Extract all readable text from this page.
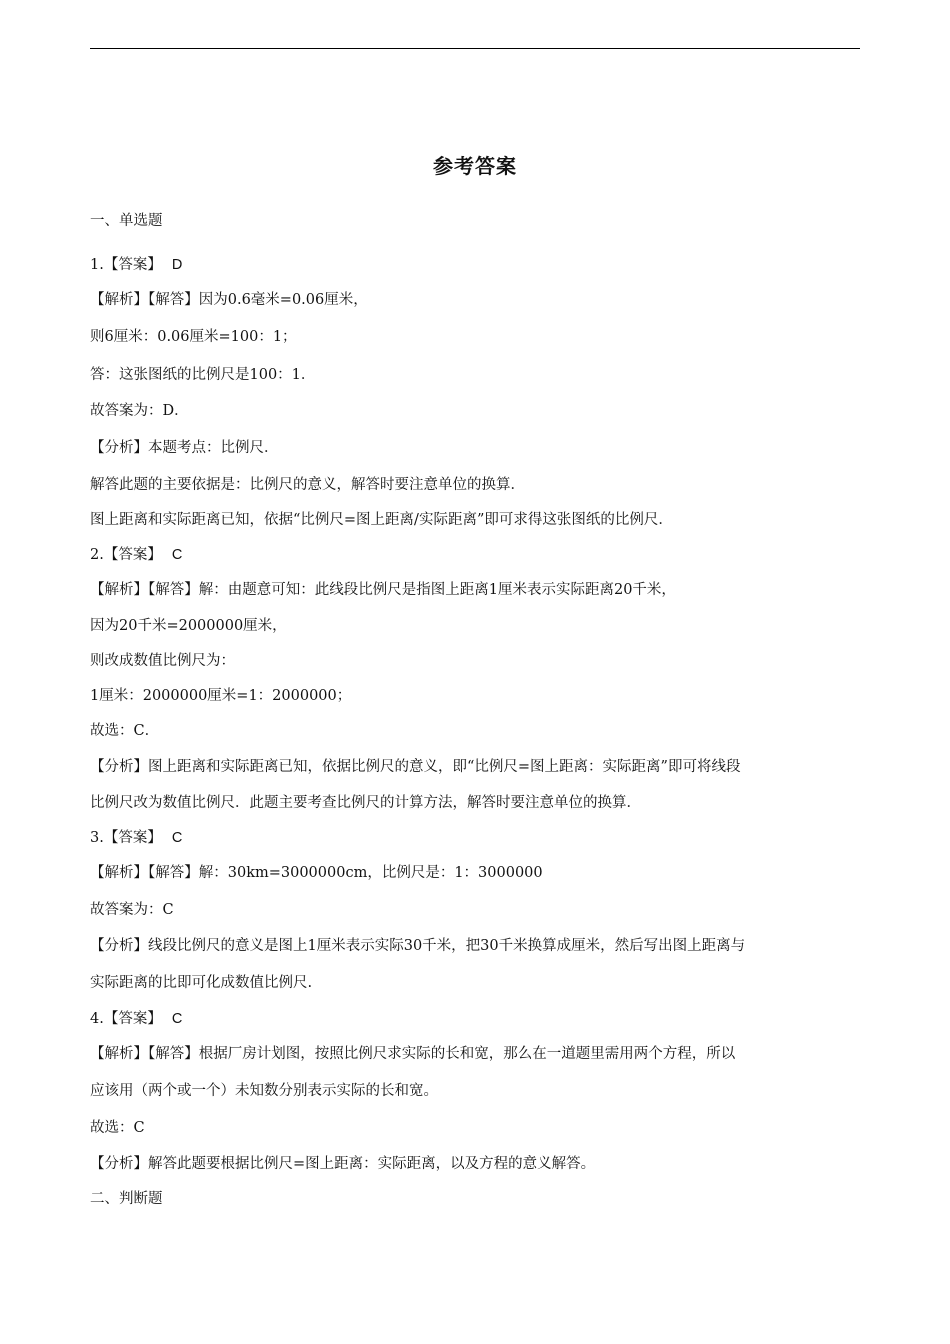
参考答案
一、单选题
1.【答案】 D
【解析】【解答】因为0.6毫米=0.06厘米，
则6厘米：0.06厘米=100：1；
答：这张图纸的比例尺是100：1．
故答案为：D．
【分析】本题考点：比例尺．
解答此题的主要依据是：比例尺的意义，解答时要注意单位的换算．
图上距离和实际距离已知，依据“比例尺=图上距离/实际距离”即可求得这张图纸的比例尺．
2.【答案】 C
【解析】【解答】解：由题意可知：此线段比例尺是指图上距离1厘米表示实际距离20千米，
因为20千米=2000000厘米，
则改成数值比例尺为：
1厘米：2000000厘米=1：2000000；
故选：C．
【分析】图上距离和实际距离已知，依据比例尺的意义，即“比例尺=图上距离：实际距离”即可将线段
比例尺改为数值比例尺．此题主要考查比例尺的计算方法，解答时要注意单位的换算．
3.【答案】 C
【解析】【解答】解：30km=3000000cm，比例尺是：1：3000000
故答案为：C
【分析】线段比例尺的意义是图上1厘米表示实际30千米，把30千米换算成厘米，然后写出图上距离与
实际距离的比即可化成数值比例尺.
4.【答案】 C
【解析】【解答】根据厂房计划图，按照比例尺求实际的长和宽，那么在一道题里需用两个方程，所以
应该用（两个或一个）未知数分别表示实际的长和宽。
故选：C
【分析】解答此题要根据比例尺=图上距离：实际距离，以及方程的意义解答。
二、判断题
